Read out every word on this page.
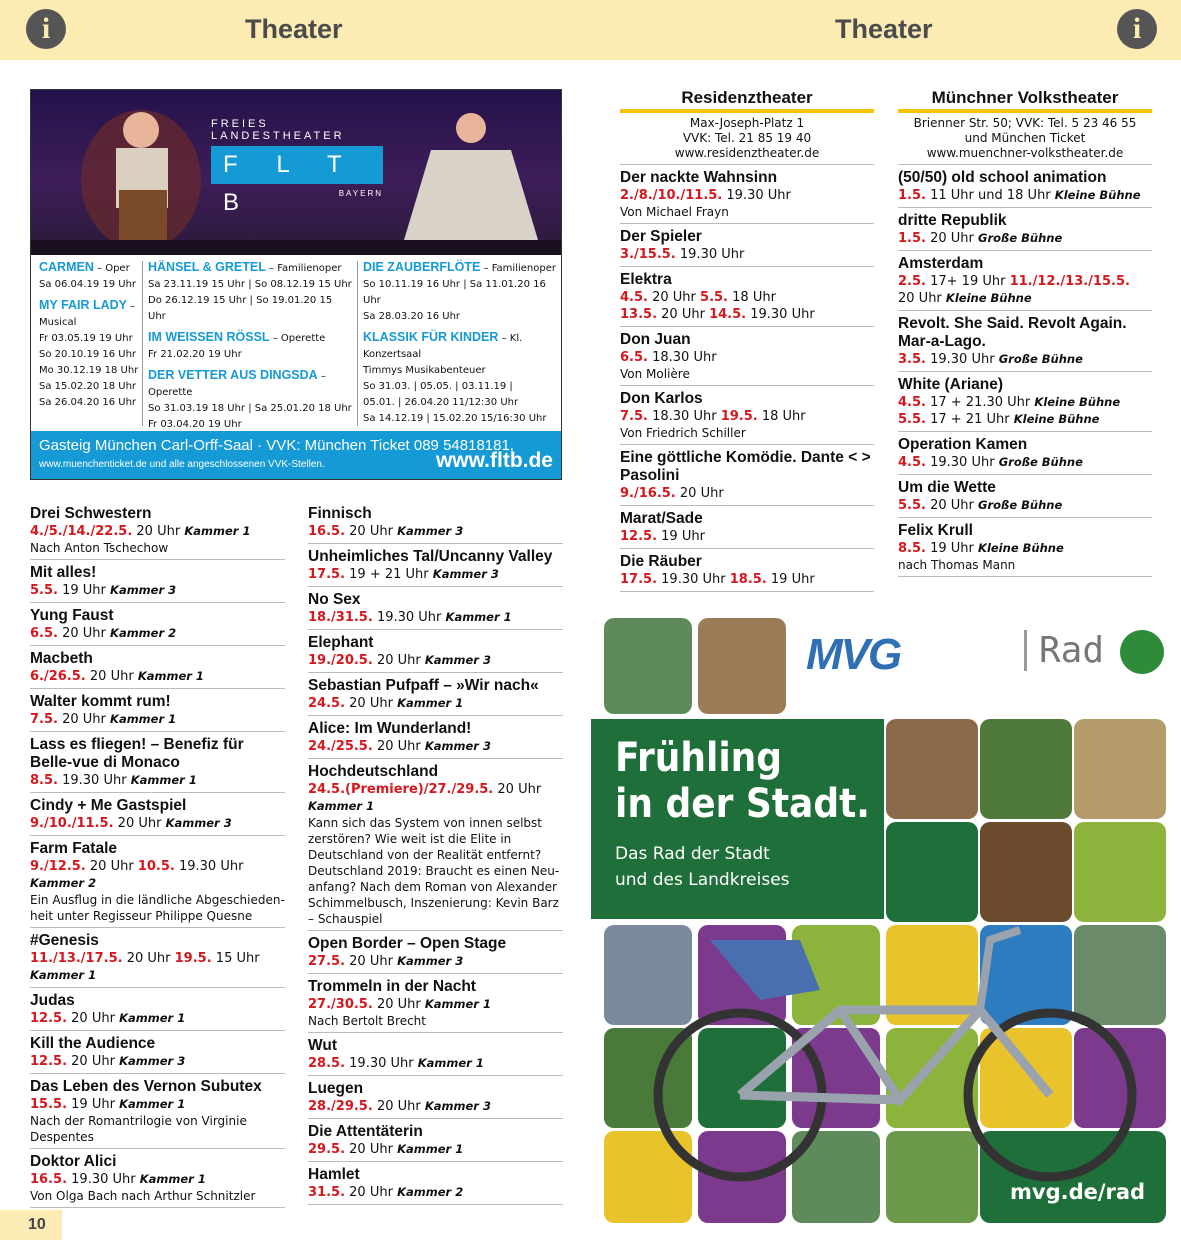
i	Theater	Theater	i
FREIES LANDESTHEATER
F L T B	BAYERN
CARMEN – Oper
Sa 06.04.19 19 Uhr
MY FAIR LADY – Musical
Fr 03.05.19 19 Uhr
So 20.10.19 16 Uhr
Mo 30.12.19 18 Uhr
Sa 15.02.20 18 Uhr
Sa 26.04.20 16 Uhr
HÄNSEL & GRETEL – Familienoper
Sa 23.11.19 15 Uhr | So 08.12.19 15 Uhr
Do 26.12.19 15 Uhr | So 19.01.20 15 Uhr
IM WEISSEN RÖSSL – Operette
Fr 21.02.20 19 Uhr
DER VETTER AUS DINGSDA – Operette
So 31.03.19 18 Uhr | Sa 25.01.20 18 Uhr
Fr 03.04.20 19 Uhr
DIE ZAUBERFLÖTE – Familienoper
So 10.11.19 16 Uhr | Sa 11.01.20 16 Uhr
Sa 28.03.20 16 Uhr
KLASSIK FÜR KINDER – Kl. Konzertsaal
Timmys Musikabenteuer
So 31.03. | 05.05. | 03.11.19 |
05.01. | 26.04.20 11/12:30 Uhr
Sa 14.12.19 | 15.02.20 15/16:30 Uhr
Gasteig München Carl-Orff-Saal · VVK: München Ticket 089 54818181,
www.muenchenticket.de und alle angeschlossenen VVK-Stellen.	www.fltb.de
Drei Schwestern
4./5./14./22.5. 20 Uhr Kammer 1
Nach Anton Tschechow
Mit alles!
5.5. 19 Uhr Kammer 3
Yung Faust
6.5. 20 Uhr Kammer 2
Macbeth
6./26.5. 20 Uhr Kammer 1
Walter kommt rum!
7.5. 20 Uhr Kammer 1
Lass es fliegen! – Benefiz für Belle-vue di Monaco
8.5. 19.30 Uhr Kammer 1
Cindy + Me Gastspiel
9./10./11.5. 20 Uhr Kammer 3
Farm Fatale
9./12.5. 20 Uhr 10.5. 19.30 Uhr Kammer 2
Ein Ausflug in die ländliche Abgeschieden-heit unter Regisseur Philippe Quesne
#Genesis
11./13./17.5. 20 Uhr 19.5. 15 Uhr Kammer 1
Judas
12.5. 20 Uhr Kammer 1
Kill the Audience
12.5. 20 Uhr Kammer 3
Das Leben des Vernon Subutex
15.5. 19 Uhr Kammer 1
Nach der Romantrilogie von Virginie Despentes
Doktor Alici
16.5. 19.30 Uhr Kammer 1
Von Olga Bach nach Arthur Schnitzler
Finnisch
16.5. 20 Uhr Kammer 3
Unheimliches Tal/Uncanny Valley
17.5. 19 + 21 Uhr Kammer 3
No Sex
18./31.5. 19.30 Uhr Kammer 1
Elephant
19./20.5. 20 Uhr Kammer 3
Sebastian Pufpaff – »Wir nach«
24.5. 20 Uhr Kammer 1
Alice: Im Wunderland!
24./25.5. 20 Uhr Kammer 3
Hochdeutschland
24.5.(Premiere)/27./29.5. 20 Uhr Kammer 1
Kann sich das System von innen selbst zerstören? Wie weit ist die Elite in Deutschland von der Realität entfernt? Deutschland 2019: Braucht es einen Neu-anfang? Nach dem Roman von Alexander Schimmelbusch, Inszenierung: Kevin Barz – Schauspiel
Open Border – Open Stage
27.5. 20 Uhr Kammer 3
Trommeln in der Nacht
27./30.5. 20 Uhr Kammer 1
Nach Bertolt Brecht
Wut
28.5. 19.30 Uhr Kammer 1
Luegen
28./29.5. 20 Uhr Kammer 3
Die Attentäterin
29.5. 20 Uhr Kammer 1
Hamlet
31.5. 20 Uhr Kammer 2
Residenztheater
Max-Joseph-Platz 1
VVK: Tel. 21 85 19 40
www.residenztheater.de
Der nackte Wahnsinn
2./8./10./11.5. 19.30 Uhr
Von Michael Frayn
Der Spieler
3./15.5. 19.30 Uhr
Elektra
4.5. 20 Uhr 5.5. 18 Uhr
13.5. 20 Uhr 14.5. 19.30 Uhr
Don Juan
6.5. 18.30 Uhr
Von Molière
Don Karlos
7.5. 18.30 Uhr 19.5. 18 Uhr
Von Friedrich Schiller
Eine göttliche Komödie. Dante < > Pasolini
9./16.5. 20 Uhr
Marat/Sade
12.5. 19 Uhr
Die Räuber
17.5. 19.30 Uhr 18.5. 19 Uhr
Münchner Volkstheater
Brienner Str. 50; VVK: Tel. 5 23 46 55
und München Ticket
www.muenchner-volkstheater.de
(50/50) old school animation
1.5. 11 Uhr und 18 Uhr Kleine Bühne
dritte Republik
1.5. 20 Uhr Große Bühne
Amsterdam
2.5. 17+ 19 Uhr 11./12./13./15.5.
20 Uhr Kleine Bühne
Revolt. She Said. Revolt Again. Mar-a-Lago.
3.5. 19.30 Uhr Große Bühne
White (Ariane)
4.5. 17 + 21.30 Uhr Kleine Bühne
5.5. 17 + 21 Uhr Kleine Bühne
Operation Kamen
4.5. 19.30 Uhr Große Bühne
Um die Wette
5.5. 20 Uhr Große Bühne
Felix Krull
8.5. 19 Uhr Kleine Bühne
nach Thomas Mann
MVG	Rad
Frühling
in der Stadt.
Das Rad der Stadt
und des Landkreises
mvg.de/rad
10
